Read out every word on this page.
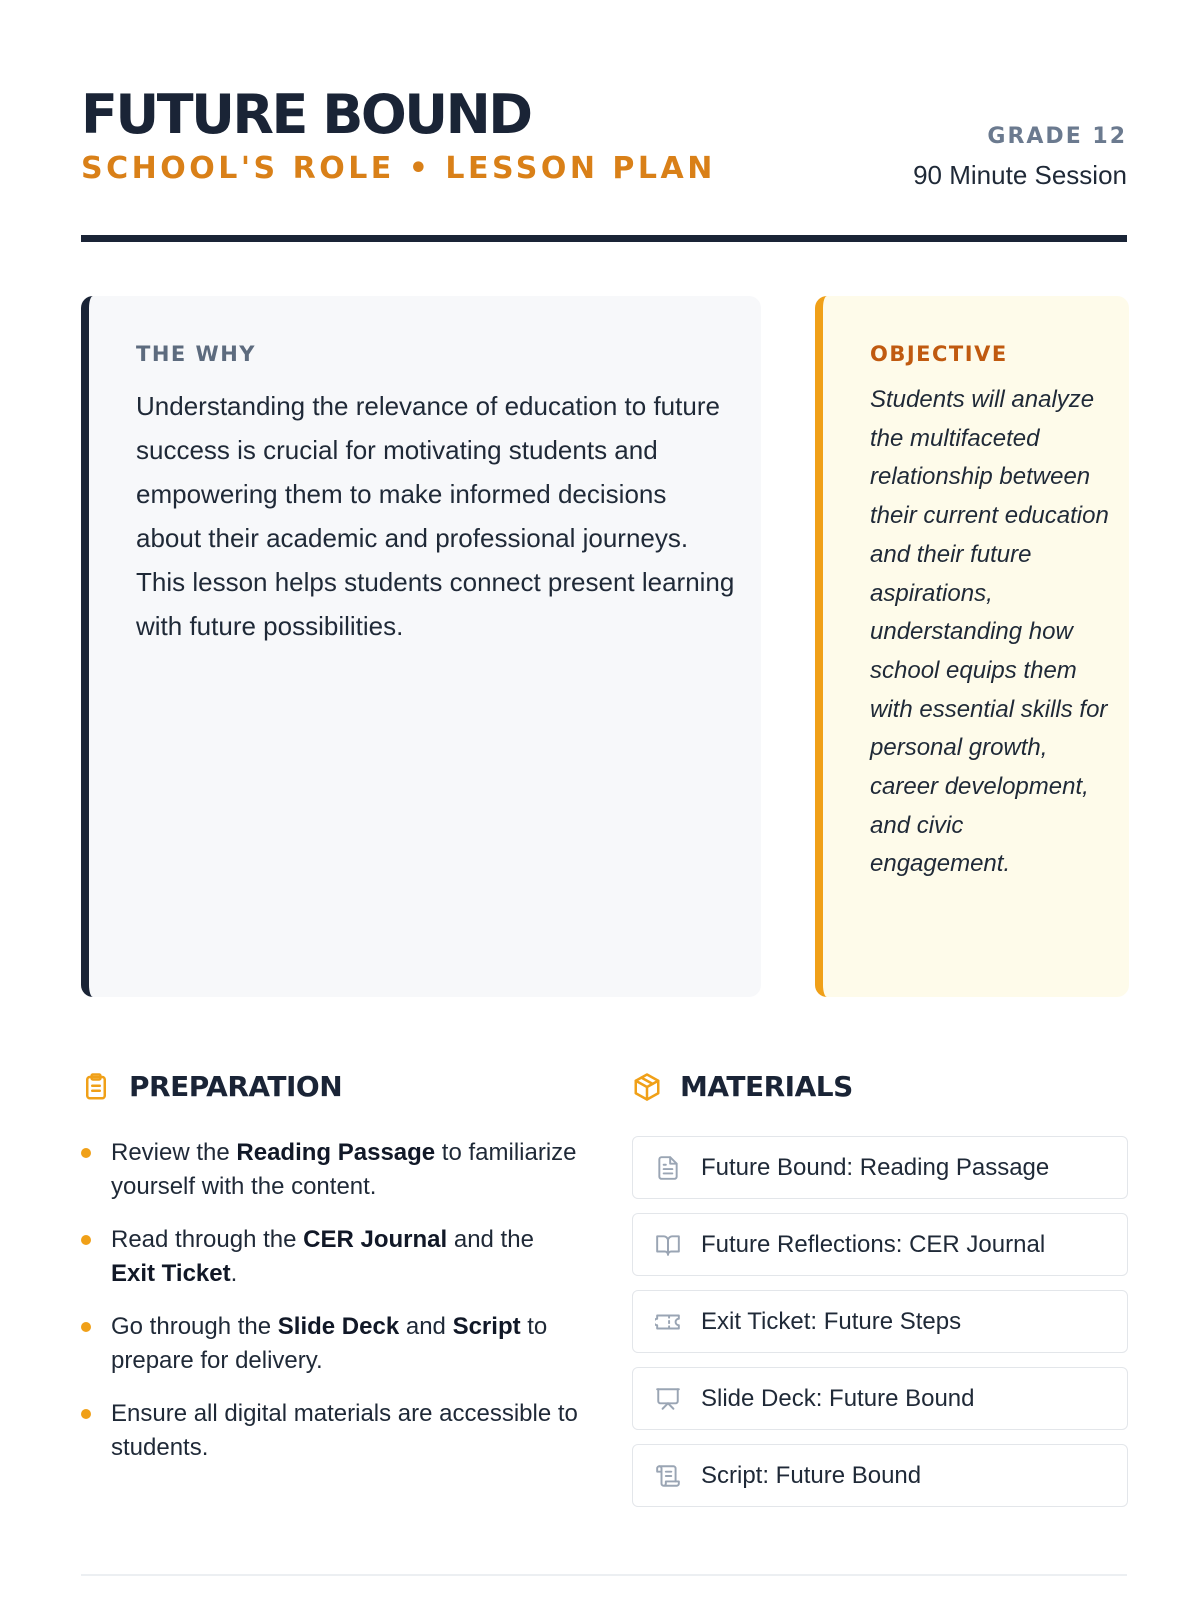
FUTURE BOUND
SCHOOL'S ROLE • LESSON PLAN
GRADE 12
90 Minute Session
THE WHY
Understanding the relevance of education to future success is crucial for motivating students and empowering them to make informed decisions about their academic and professional journeys. This lesson helps students connect present learning with future possibilities.
OBJECTIVE
Students will analyze the multifaceted relationship between their current education and their future aspirations, understanding how school equips them with essential skills for personal growth, career development, and civic engagement.
PREPARATION	MATERIALS
Review the Reading Passage to familiarize yourself with the content.
Read through the CER Journal and the Exit Ticket.
Go through the Slide Deck and Script to prepare for delivery.
Ensure all digital materials are accessible to students.
Future Bound: Reading Passage
Future Reflections: CER Journal
Exit Ticket: Future Steps
Slide Deck: Future Bound
Script: Future Bound
